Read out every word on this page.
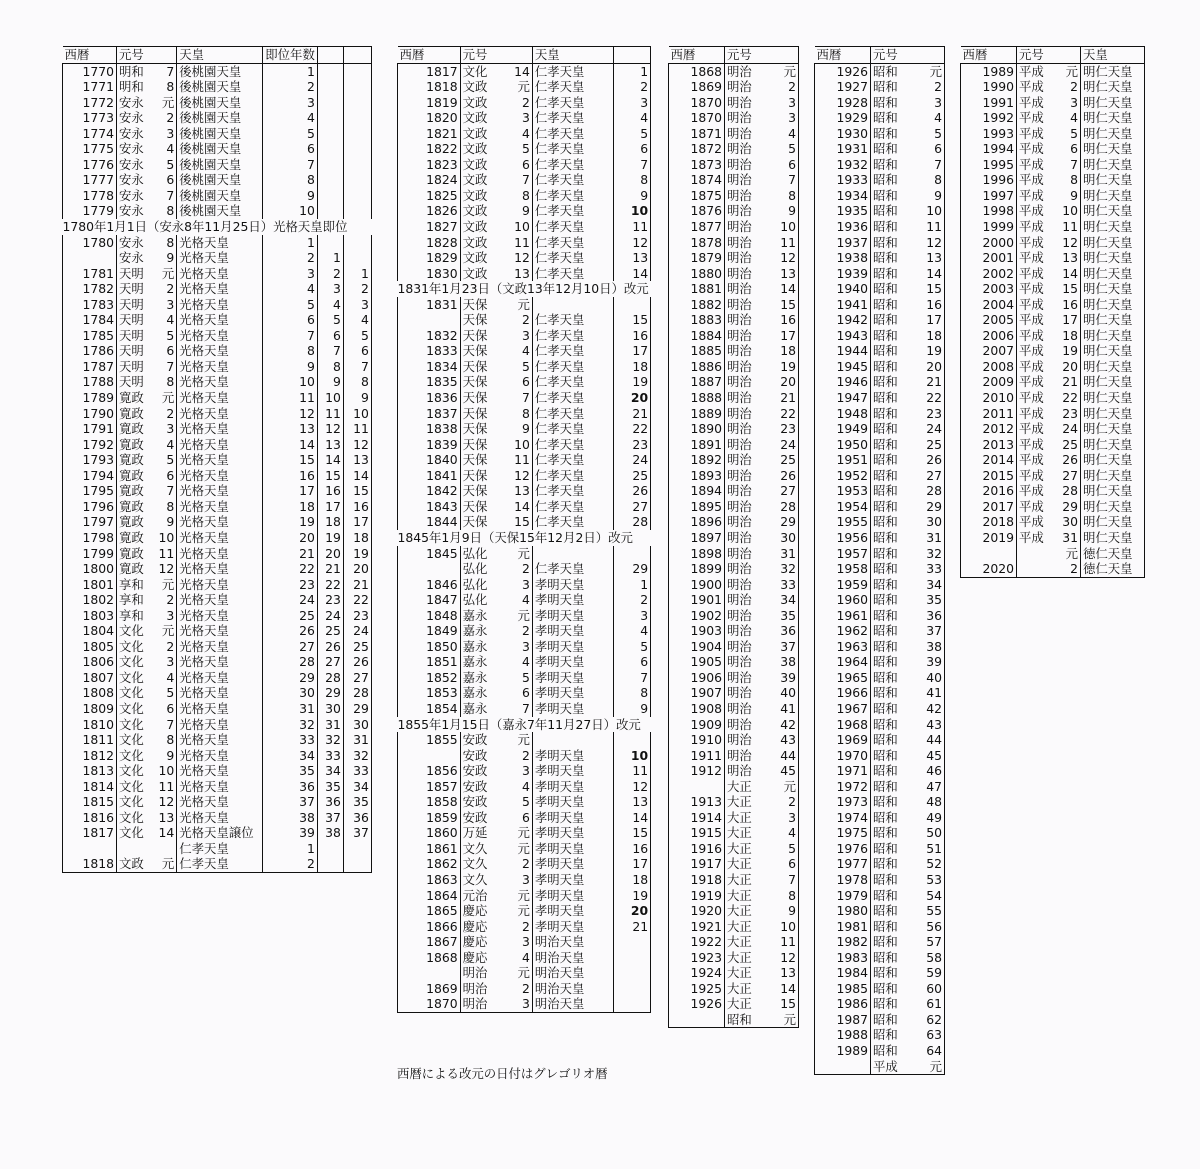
西暦	元号		天皇	即位年数		
1770	明和	7	後桃園天皇	1		
1771	明和	8	後桃園天皇	2		
1772	安永	元	後桃園天皇	3		
1773	安永	2	後桃園天皇	4		
1774	安永	3	後桃園天皇	5		
1775	安永	4	後桃園天皇	6		
1776	安永	5	後桃園天皇	7		
1777	安永	6	後桃園天皇	8		
1778	安永	7	後桃園天皇	9		
1779	安永	8	後桃園天皇	10		
1780年1月1日（安永8年11月25日）光格天皇即位						
1780	安永	8	光格天皇	1		
	安永	9	光格天皇	2	1	
1781	天明	元	光格天皇	3	2	1
1782	天明	2	光格天皇	4	3	2
1783	天明	3	光格天皇	5	4	3
1784	天明	4	光格天皇	6	5	4
1785	天明	5	光格天皇	7	6	5
1786	天明	6	光格天皇	8	7	6
1787	天明	7	光格天皇	9	8	7
1788	天明	8	光格天皇	10	9	8
1789	寛政	元	光格天皇	11	10	9
1790	寛政	2	光格天皇	12	11	10
1791	寛政	3	光格天皇	13	12	11
1792	寛政	4	光格天皇	14	13	12
1793	寛政	5	光格天皇	15	14	13
1794	寛政	6	光格天皇	16	15	14
1795	寛政	7	光格天皇	17	16	15
1796	寛政	8	光格天皇	18	17	16
1797	寛政	9	光格天皇	19	18	17
1798	寛政	10	光格天皇	20	19	18
1799	寛政	11	光格天皇	21	20	19
1800	寛政	12	光格天皇	22	21	20
1801	享和	元	光格天皇	23	22	21
1802	享和	2	光格天皇	24	23	22
1803	享和	3	光格天皇	25	24	23
1804	文化	元	光格天皇	26	25	24
1805	文化	2	光格天皇	27	26	25
1806	文化	3	光格天皇	28	27	26
1807	文化	4	光格天皇	29	28	27
1808	文化	5	光格天皇	30	29	28
1809	文化	6	光格天皇	31	30	29
1810	文化	7	光格天皇	32	31	30
1811	文化	8	光格天皇	33	32	31
1812	文化	9	光格天皇	34	33	32
1813	文化	10	光格天皇	35	34	33
1814	文化	11	光格天皇	36	35	34
1815	文化	12	光格天皇	37	36	35
1816	文化	13	光格天皇	38	37	36
1817	文化	14	光格天皇譲位	39	38	37
			仁孝天皇	1		
1818	文政	元	仁孝天皇	2		
西暦	元号		天皇	
1817	文化	14	仁孝天皇	1
1818	文政	元	仁孝天皇	2
1819	文政	2	仁孝天皇	3
1820	文政	3	仁孝天皇	4
1821	文政	4	仁孝天皇	5
1822	文政	5	仁孝天皇	6
1823	文政	6	仁孝天皇	7
1824	文政	7	仁孝天皇	8
1825	文政	8	仁孝天皇	9
1826	文政	9	仁孝天皇	10
1827	文政	10	仁孝天皇	11
1828	文政	11	仁孝天皇	12
1829	文政	12	仁孝天皇	13
1830	文政	13	仁孝天皇	14
1831年1月23日（文政13年12月10日）改元				
1831	天保	元		
	天保	2	仁孝天皇	15
1832	天保	3	仁孝天皇	16
1833	天保	4	仁孝天皇	17
1834	天保	5	仁孝天皇	18
1835	天保	6	仁孝天皇	19
1836	天保	7	仁孝天皇	20
1837	天保	8	仁孝天皇	21
1838	天保	9	仁孝天皇	22
1839	天保	10	仁孝天皇	23
1840	天保	11	仁孝天皇	24
1841	天保	12	仁孝天皇	25
1842	天保	13	仁孝天皇	26
1843	天保	14	仁孝天皇	27
1844	天保	15	仁孝天皇	28
1845年1月9日（天保15年12月2日）改元				
1845	弘化	元		
	弘化	2	仁孝天皇	29
1846	弘化	3	孝明天皇	1
1847	弘化	4	孝明天皇	2
1848	嘉永	元	孝明天皇	3
1849	嘉永	2	孝明天皇	4
1850	嘉永	3	孝明天皇	5
1851	嘉永	4	孝明天皇	6
1852	嘉永	5	孝明天皇	7
1853	嘉永	6	孝明天皇	8
1854	嘉永	7	孝明天皇	9
1855年1月15日（嘉永7年11月27日）改元				
1855	安政	元		
	安政	2	孝明天皇	10
1856	安政	3	孝明天皇	11
1857	安政	4	孝明天皇	12
1858	安政	5	孝明天皇	13
1859	安政	6	孝明天皇	14
1860	万延	元	孝明天皇	15
1861	文久	元	孝明天皇	16
1862	文久	2	孝明天皇	17
1863	文久	3	孝明天皇	18
1864	元治	元	孝明天皇	19
1865	慶応	元	孝明天皇	20
1866	慶応	2	孝明天皇	21
1867	慶応	3	明治天皇	
1868	慶応	4	明治天皇	
	明治	元	明治天皇	
1869	明治	2	明治天皇	
1870	明治	3	明治天皇	
西暦	元号	
1868	明治	元
1869	明治	2
1870	明治	3
1870	明治	3
1871	明治	4
1872	明治	5
1873	明治	6
1874	明治	7
1875	明治	8
1876	明治	9
1877	明治	10
1878	明治	11
1879	明治	12
1880	明治	13
1881	明治	14
1882	明治	15
1883	明治	16
1884	明治	17
1885	明治	18
1886	明治	19
1887	明治	20
1888	明治	21
1889	明治	22
1890	明治	23
1891	明治	24
1892	明治	25
1893	明治	26
1894	明治	27
1895	明治	28
1896	明治	29
1897	明治	30
1898	明治	31
1899	明治	32
1900	明治	33
1901	明治	34
1902	明治	35
1903	明治	36
1904	明治	37
1905	明治	38
1906	明治	39
1907	明治	40
1908	明治	41
1909	明治	42
1910	明治	43
1911	明治	44
1912	明治	45
	大正	元
1913	大正	2
1914	大正	3
1915	大正	4
1916	大正	5
1917	大正	6
1918	大正	7
1919	大正	8
1920	大正	9
1921	大正	10
1922	大正	11
1923	大正	12
1924	大正	13
1925	大正	14
1926	大正	15
	昭和	元
西暦	元号	
1926	昭和	元
1927	昭和	2
1928	昭和	3
1929	昭和	4
1930	昭和	5
1931	昭和	6
1932	昭和	7
1933	昭和	8
1934	昭和	9
1935	昭和	10
1936	昭和	11
1937	昭和	12
1938	昭和	13
1939	昭和	14
1940	昭和	15
1941	昭和	16
1942	昭和	17
1943	昭和	18
1944	昭和	19
1945	昭和	20
1946	昭和	21
1947	昭和	22
1948	昭和	23
1949	昭和	24
1950	昭和	25
1951	昭和	26
1952	昭和	27
1953	昭和	28
1954	昭和	29
1955	昭和	30
1956	昭和	31
1957	昭和	32
1958	昭和	33
1959	昭和	34
1960	昭和	35
1961	昭和	36
1962	昭和	37
1963	昭和	38
1964	昭和	39
1965	昭和	40
1966	昭和	41
1967	昭和	42
1968	昭和	43
1969	昭和	44
1970	昭和	45
1971	昭和	46
1972	昭和	47
1973	昭和	48
1974	昭和	49
1975	昭和	50
1976	昭和	51
1977	昭和	52
1978	昭和	53
1979	昭和	54
1980	昭和	55
1981	昭和	56
1982	昭和	57
1983	昭和	58
1984	昭和	59
1985	昭和	60
1986	昭和	61
1987	昭和	62
1988	昭和	63
1989	昭和	64
	平成	元
西暦	元号		天皇
1989	平成	元	明仁天皇
1990	平成	2	明仁天皇
1991	平成	3	明仁天皇
1992	平成	4	明仁天皇
1993	平成	5	明仁天皇
1994	平成	6	明仁天皇
1995	平成	7	明仁天皇
1996	平成	8	明仁天皇
1997	平成	9	明仁天皇
1998	平成	10	明仁天皇
1999	平成	11	明仁天皇
2000	平成	12	明仁天皇
2001	平成	13	明仁天皇
2002	平成	14	明仁天皇
2003	平成	15	明仁天皇
2004	平成	16	明仁天皇
2005	平成	17	明仁天皇
2006	平成	18	明仁天皇
2007	平成	19	明仁天皇
2008	平成	20	明仁天皇
2009	平成	21	明仁天皇
2010	平成	22	明仁天皇
2011	平成	23	明仁天皇
2012	平成	24	明仁天皇
2013	平成	25	明仁天皇
2014	平成	26	明仁天皇
2015	平成	27	明仁天皇
2016	平成	28	明仁天皇
2017	平成	29	明仁天皇
2018	平成	30	明仁天皇
2019	平成	31	明仁天皇
		元	徳仁天皇
2020		2	徳仁天皇
西暦による改元の日付はグレゴリオ暦
